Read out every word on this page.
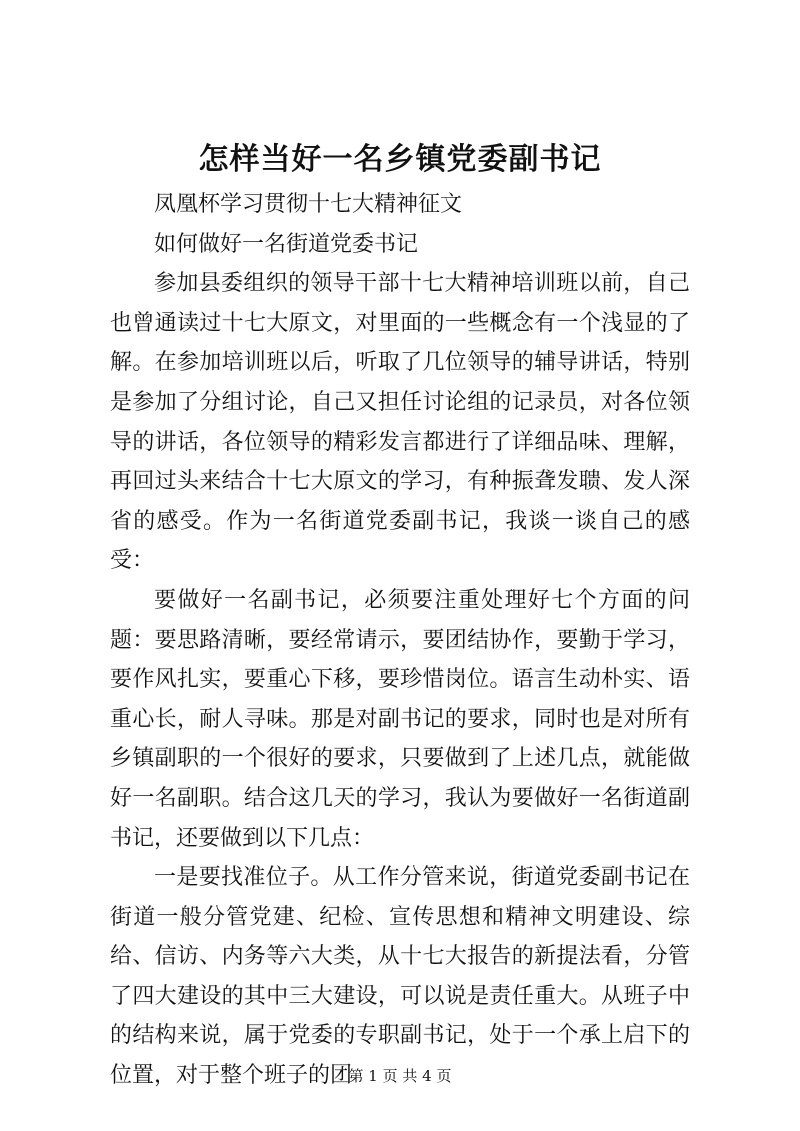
怎样当好一名乡镇党委副书记

凤凰杯学习贯彻十七大精神征文

如何做好一名街道党委书记

参加县委组织的领导干部十七大精神培训班以前，自己也曾通读过十七大原文，对里面的一些概念有一个浅显的了解。在参加培训班以后，听取了几位领导的辅导讲话，特别是参加了分组讨论，自己又担任讨论组的记录员，对各位领导的讲话，各位领导的精彩发言都进行了详细品味、理解，再回过头来结合十七大原文的学习，有种振聋发聩、发人深省的感受。作为一名街道党委副书记，我谈一谈自己的感受：

要做好一名副书记，必须要注重处理好七个方面的问题：要思路清晰，要经常请示，要团结协作，要勤于学习，要作风扎实，要重心下移，要珍惜岗位。语言生动朴实、语重心长，耐人寻味。那是对副书记的要求，同时也是对所有乡镇副职的一个很好的要求，只要做到了上述几点，就能做好一名副职。结合这几天的学习，我认为要做好一名街道副书记，还要做到以下几点：

一是要找准位子。从工作分管来说，街道党委副书记在街道一般分管党建、纪检、宣传思想和精神文明建设、综给、信访、内务等六大类，从十七大报告的新提法看，分管了四大建设的其中三大建设，可以说是责任重大。从班子中的结构来说，属于党委的专职副书记，处于一个承上启下的位置，对于整个班子的团

第 1 页 共 4 页
